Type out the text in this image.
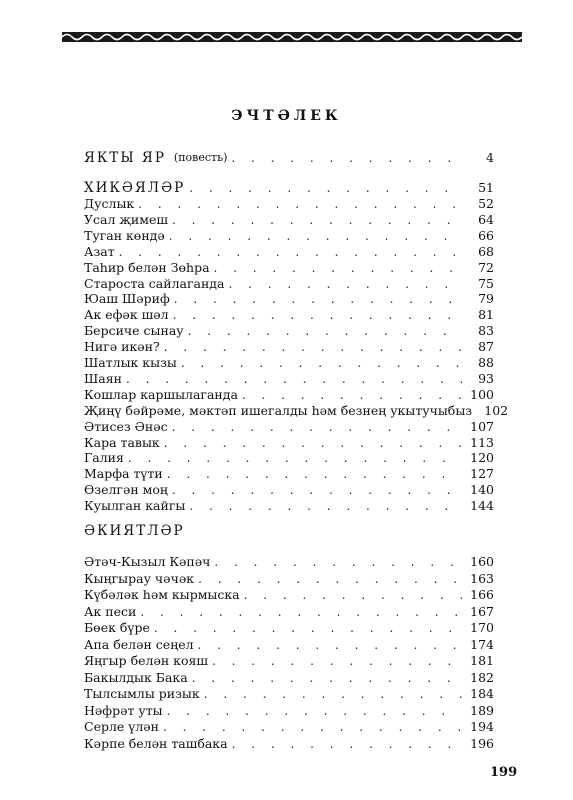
ЭЧТӘЛЕК
ЯКТЫ ЯР (повесть) . . .	4
ХИКӘЯЛӘР . . .	51
Дуслык . . .	52
Усал җимеш . . .	64
Туган көндә . . .	66
Азат . . .	68
Таһир белән Зөһра . . .	72
Староста сайлаганда . . .	75
Юаш Шәриф . . .	79
Ак ефәк шәл . . .	81
Берсиче сынау . . .	83
Нигә икән? . . .	87
Шатлык кызы . . .	88
Шаян . . .	93
Кошлар каршылаганда . . .	100
Җиңү бәйрәме, мәктәп ишегалды һәм безнең укытучыбыз 102
Әтисез Әнәс . . .	107
Кара тавык . . .	113
Галия . . .	120
Марфа түти . . .	127
Өзелгән моң . . .	140
Куылган кайгы . . .	144
ӘКИЯТЛӘР
Әтәч-Кызыл Кәпәч . . .	160
Кыңгырау чәчәк . . .	163
Күбәләк һәм кырмыска . . .	166
Ак песи . . .	167
Бөек бүре . . .	170
Апа белән сеңел . . .	174
Яңгыр белән кояш . . .	181
Бакылдык Бака . . .	182
Тылсымлы ризык . . .	184
Нәфрәт уты . . .	189
Серле үлән . . .	194
Кәрпе белән ташбака . . .	196
199
